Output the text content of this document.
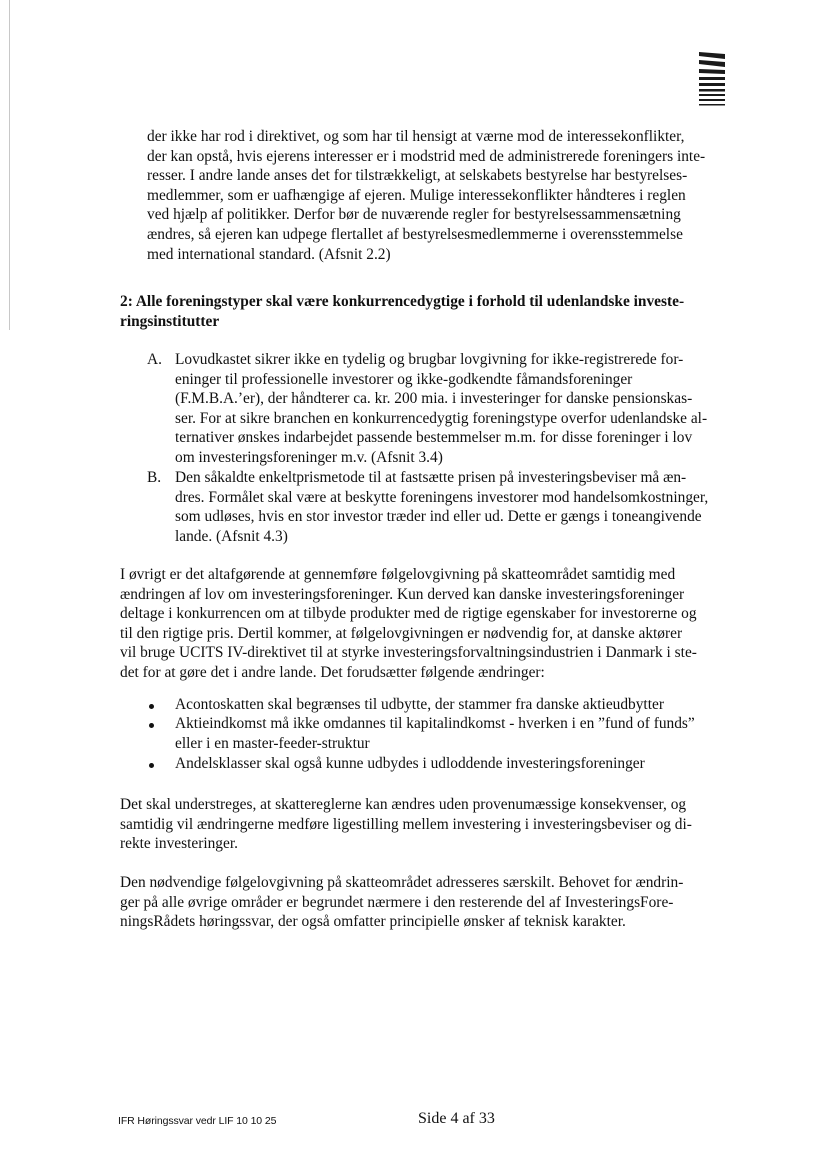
der ikke har rod i direktivet, og som har til hensigt at værne mod de interessekonflikter,
der kan opstå, hvis ejerens interesser er i modstrid med de administrerede foreningers inte-
resser. I andre lande anses det for tilstrækkeligt, at selskabets bestyrelse har bestyrelses-
medlemmer, som er uafhængige af ejeren. Mulige interessekonflikter håndteres i reglen
ved hjælp af politikker. Derfor bør de nuværende regler for bestyrelsessammensætning
ændres, så ejeren kan udpege flertallet af bestyrelsesmedlemmerne i overensstemmelse
med international standard. (Afsnit 2.2)
2: Alle foreningstyper skal være konkurrencedygtige i forhold til udenlandske investe-
ringsinstitutter
A. Lovudkastet sikrer ikke en tydelig og brugbar lovgivning for ikke-registrerede for-
eninger til professionelle investorer og ikke-godkendte fåmandsforeninger
(F.M.B.A.’er), der håndterer ca. kr. 200 mia. i investeringer for danske pensionskas-
ser. For at sikre branchen en konkurrencedygtig foreningstype overfor udenlandske al-
ternativer ønskes indarbejdet passende bestemmelser m.m. for disse foreninger i lov
om investeringsforeninger m.v. (Afsnit 3.4)
B. Den såkaldte enkeltprismetode til at fastsætte prisen på investeringsbeviser må æn-
dres. Formålet skal være at beskytte foreningens investorer mod handelsomkostninger,
som udløses, hvis en stor investor træder ind eller ud. Dette er gængs i toneangivende
lande. (Afsnit 4.3)
I øvrigt er det altafgørende at gennemføre følgelovgivning på skatteområdet samtidig med
ændringen af lov om investeringsforeninger. Kun derved kan danske investeringsforeninger
deltage i konkurrencen om at tilbyde produkter med de rigtige egenskaber for investorerne og
til den rigtige pris. Dertil kommer, at følgelovgivningen er nødvendig for, at danske aktører
vil bruge UCITS IV-direktivet til at styrke investeringsforvaltningsindustrien i Danmark i ste-
det for at gøre det i andre lande. Det forudsætter følgende ændringer:
Acontoskatten skal begrænses til udbytte, der stammer fra danske aktieudbytter
Aktieindkomst må ikke omdannes til kapitalindkomst - hverken i en ”fund of funds”
eller i en master-feeder-struktur
Andelsklasser skal også kunne udbydes i udloddende investeringsforeninger
Det skal understreges, at skattereglerne kan ændres uden provenumæssige konsekvenser, og
samtidig vil ændringerne medføre ligestilling mellem investering i investeringsbeviser og di-
rekte investeringer.
Den nødvendige følgelovgivning på skatteområdet adresseres særskilt. Behovet for ændrin-
ger på alle øvrige områder er begrundet nærmere i den resterende del af InvesteringsFore-
ningsRådets høringssvar, der også omfatter principielle ønsker af teknisk karakter.
IFR Høringssvar vedr LIF 10 10 25	Side 4 af 33
